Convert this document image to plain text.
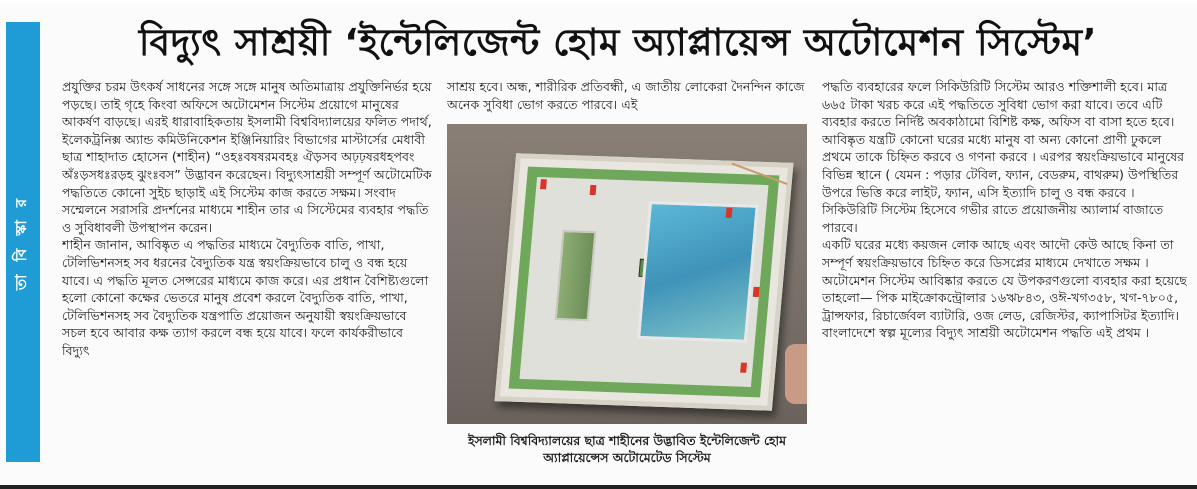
তা বি স্কা র
বিদ্যুৎ সাশ্রয়ী ‘ইন্টেলিজেন্ট হোম অ্যাপ্লায়েন্স অটোমেশন সিস্টেম’

প্রযুক্তির চরম উৎকর্ষ সাধনের সঙ্গে সঙ্গে মানুষ অতিমাত্রায় প্রযুক্তিনির্ভর হয়ে পড়ছে। তাই গৃহে কিংবা অফিসে অটোমেশন সিস্টেম প্রয়োগে মানুষের আকর্ষণ বাড়ছে। এরই ধারাবাহিকতায় ইসলামী বিশ্ববিদ্যালয়ের ফলিত পদার্থ, ইলেকট্রনিক্স অ্যান্ড কমিউনিকেশন ইঞ্জিনিয়ারিং বিভাগের মাস্টার্সের মেধাবী ছাত্র শাহাদাত হোসেন (শাহীন) “ওহঃবষষরমবহঃ ঐড়সব অঢ়ঢ়ষরধহপবং অঁঃড়সধঃরড়হ ঝুংঃবস” উদ্ভাবন করেছেন। বিদ্যুৎসাশ্রয়ী সম্পূর্ণ অটোমেটিক পদ্ধতিতে কোনো সুইচ ছাড়াই এই সিস্টেম কাজ করতে সক্ষম। সংবাদ সম্মেলনে সরাসরি প্রদর্শনের মাধ্যমে শাহীন তার এ সিস্টেমের ব্যবহার পদ্ধতি ও সুবিধাবলী উপস্থাপন করেন।

শাহীন জানান, আবিষ্কৃত এ পদ্ধতির মাধ্যমে বৈদ্যুতিক বাতি, পাখা, টেলিভিশনসহ সব ধরনের বৈদ্যুতিক যন্ত্র স্বয়ংক্রিয়ভাবে চালু ও বন্ধ হয়ে যাবে। এ পদ্ধতি মূলত সেন্সরের মাধ্যমে কাজ করে। এর প্রধান বৈশিষ্ট্যগুলো হলো কোনো কক্ষের ভেতরে মানুষ প্রবেশ করলে বৈদ্যুতিক বাতি, পাখা, টেলিভিশনসহ সব বৈদ্যুতিক যন্ত্রপাতি প্রয়োজন অনুযায়ী স্বয়ংক্রিয়ভাবে সচল হবে আবার কক্ষ ত্যাগ করলে বন্ধ হয়ে যাবে। ফলে কার্যকরীভাবে বিদ্যুৎ

সাশ্রয় হবে। অন্ধ, শারীরিক প্রতিবন্ধী, এ জাতীয় লোকেরা দৈনন্দিন কাজে অনেক সুবিধা ভোগ করতে পারবে। এই

ইসলামী বিশ্ববিদ্যালয়ের ছাত্র শাহীনের উদ্ভাবিত ইন্টেলিজেন্ট হোম অ্যাপ্লায়েন্সেস অটোমেটেড সিস্টেম

পদ্ধতি ব্যবহারের ফলে সিকিউরিটি সিস্টেম আরও শক্তিশালী হবে। মাত্র ৬৬৫ টাকা খরচ করে এই পদ্ধতিতে সুবিধা ভোগ করা যাবে। তবে এটি ব্যবহার করতে নির্দিষ্ট অবকাঠামো বিশিষ্ট কক্ষ, অফিস বা বাসা হতে হবে।

আবিষ্কৃত যন্ত্রটি কোনো ঘরের মধ্যে মানুষ বা অন্য কোনো প্রাণী ঢুকলে প্রথমে তাকে চিহ্নিত করবে ও গণনা করবে । এরপর স্বয়ংক্রিয়ভাবে মানুষের বিভিন্ন স্থানে ( যেমন : পড়ার টেবিল, ফ্যান, বেডরুম, বাথরুম) উপস্থিতির উপরে ভিত্তি করে লাইট, ফ্যান, এসি ইত্যাদি চালু ও বন্ধ করবে । সিকিউরিটি সিস্টেম হিসেবে গভীর রাতে প্রয়োজনীয় অ্যালার্ম বাজাতে পারবে।

একটি ঘরের মধ্যে কয়জন লোক আছে এবং আদৌ কেউ আছে কিনা তা সম্পূর্ণ স্বয়ংক্রিয়ভাবে চিহ্নিত করে ডিসপ্লের মাধ্যমে দেখাতে সক্ষম ।

অটোমেশন সিস্টেম আবিষ্কার করতে যে উপকরণগুলো ব্যবহার করা হয়েছে তাহলো— পিক মাইক্রোকন্ট্রোলার ১৬ঋ৮৪৩, ওঈ-খগ৩৫৮, খগ-৭৮০৫, ট্রান্সফার, রিচার্জেবল ব্যাটারি, ওজ লেড, রেজিস্টর, ক্যাপাসিটর ইত্যাদি। বাংলাদেশে স্বল্প মূল্যের বিদ্যুৎ সাশ্রয়ী অটোমেশন পদ্ধতি এই প্রথম ।
